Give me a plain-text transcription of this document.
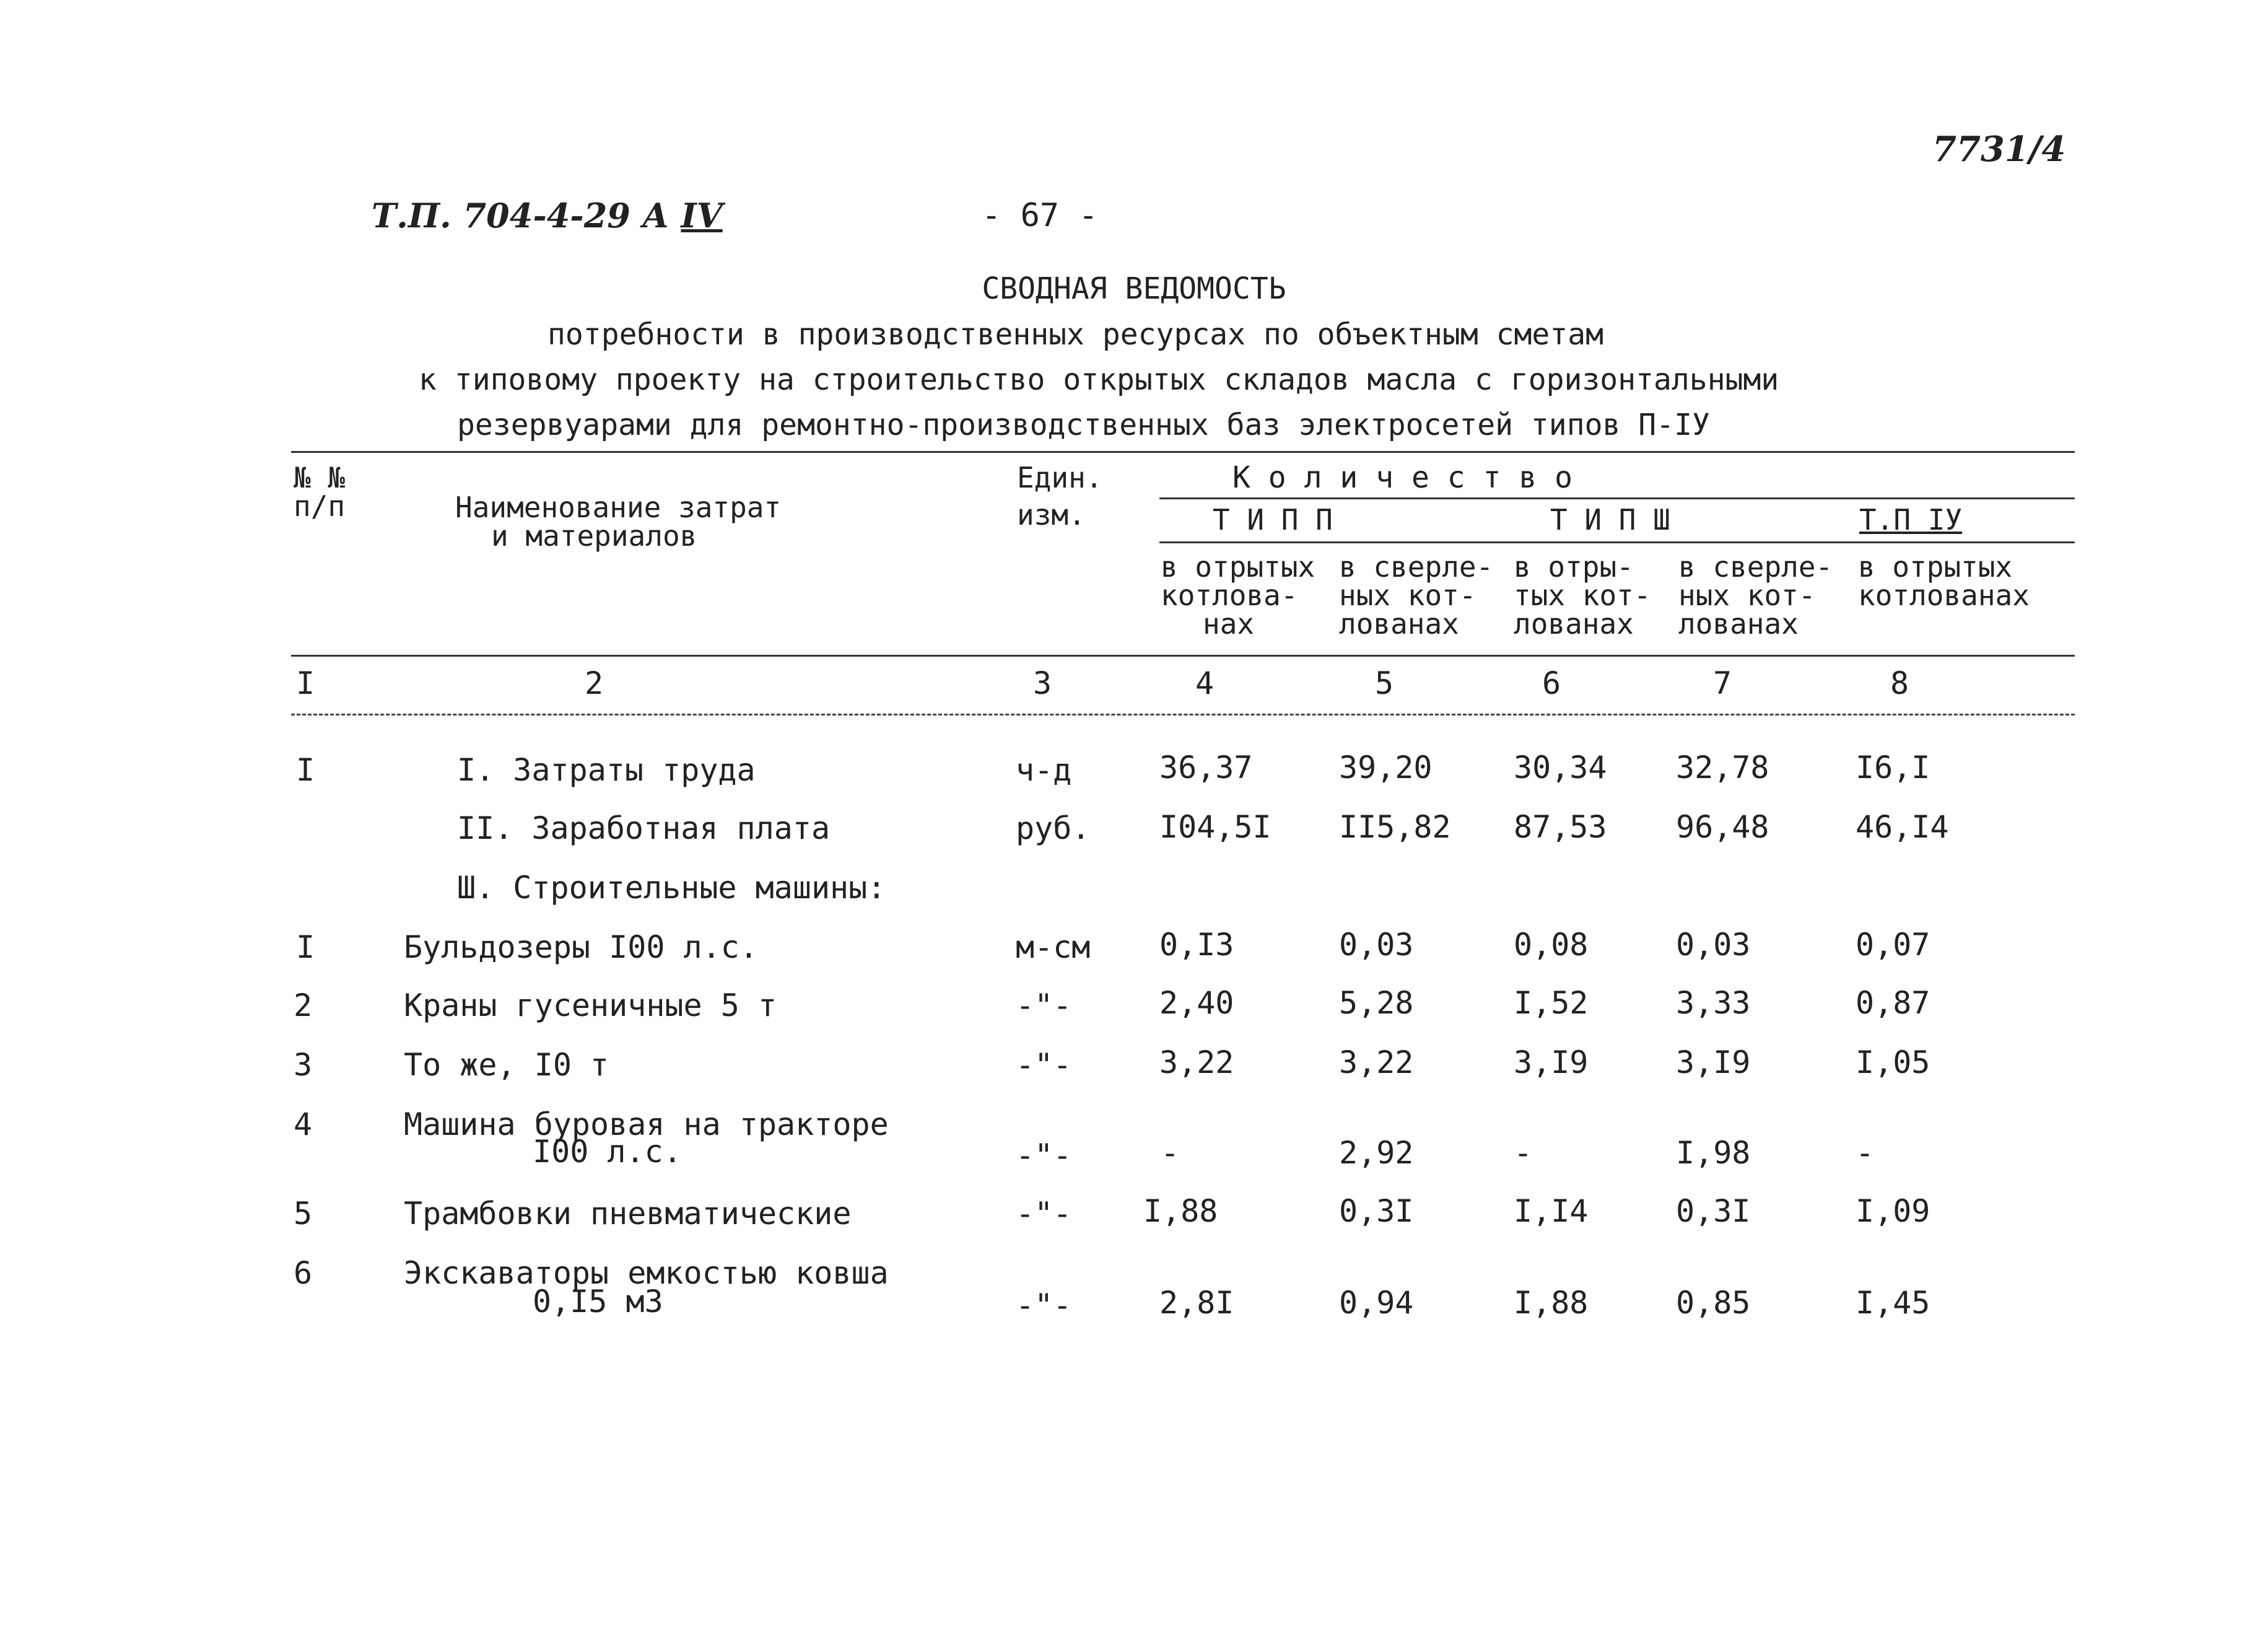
Т.П. 704-4-29 А IV	- 67 -
7731/4
СВОДНАЯ ВЕДОМОСТЬ
потребности в производственных ресурсах по объектным сметам
к типовому проекту на строительство открытых складов масла с горизонтальными
резервуарами для ремонтно-производственных баз электросетей типов П-IУ
№ №
п/п	Наименование затрат
и материалов
Един.
изм.
К о л и ч е с т в о
Т И П П	Т И П Ш	Т.П IУ
в отрытых
котлова-
нах
в сверле-
ных кот-
лованах
в отры-
тых кот-
лованах
в сверле-
ных кот-
лованах
в отрытых
котлованах
I	2	3	4	5	6	7	8
I	I. Затраты труда	ч-д	36,37	39,20	30,34 32,78	I6,I
II. Заработная плата	руб. I04,5I II5,82 87,53 96,48	46,I4
Ш. Строительные машины:
I	Бульдозеры I00 л.с.	м-см 0,I3	0,03	0,08	0,03	0,07
2	Краны гусеничные 5 т	-"-	2,40	5,28	I,52	3,33	0,87
3	То же, I0 т	-"-	3,22	3,22	3,I9	3,I9	I,05
4	Машина буровая на тракторе
I00 л.с.	-"-	-	2,92	-	I,98	-
5	Трамбовки пневматические	-"- I,88	0,3I	I,I4	0,3I	I,09
6	Экскаваторы емкостью ковша
0,I5 м3	-"-	2,8I	0,94	I,88	0,85	I,45
